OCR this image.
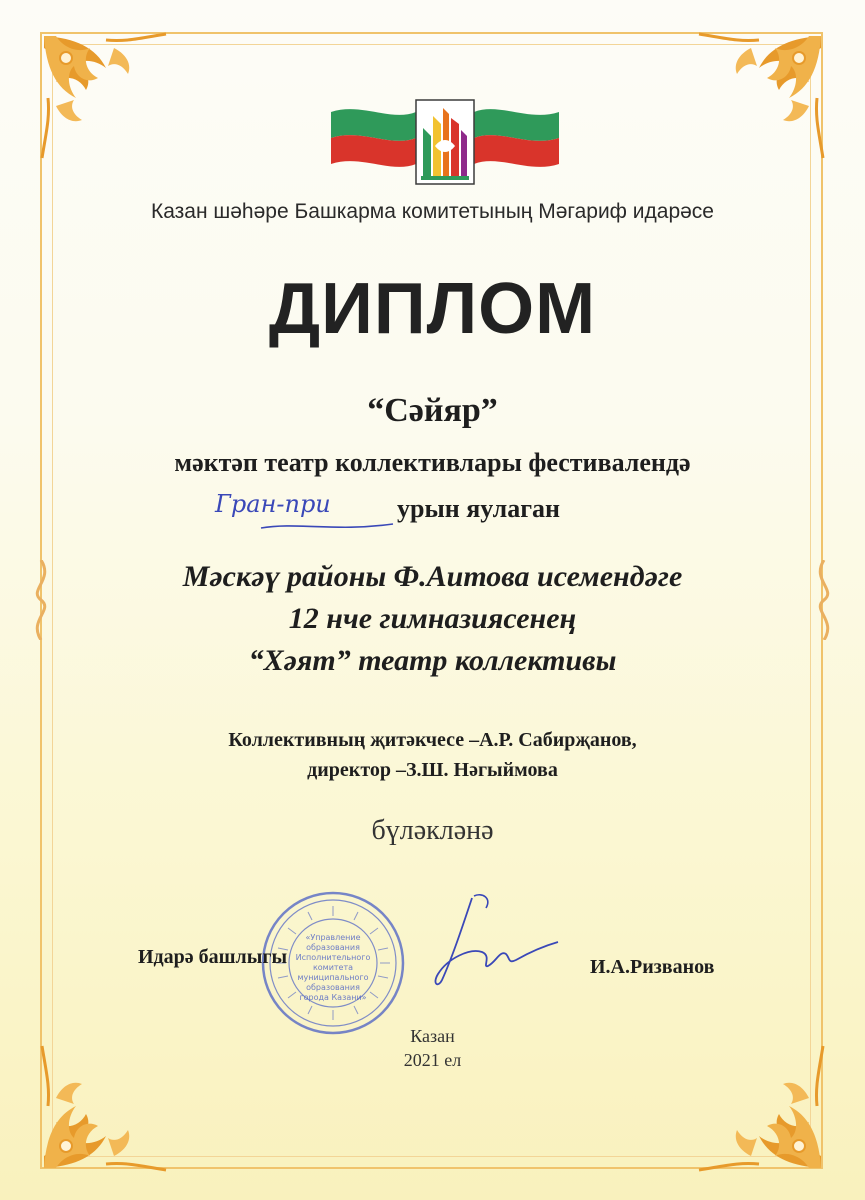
Казан шәһәре Башкарма комитетының Мәгариф идарәсе
ДИПЛОМ
“Сәйяр”
мәктәп театр коллективлары фестивалендә
Гран-при	урын яулаган
Мәскәү районы Ф.Аитова исемендәге
12 нче гимназиясенең
“Хәят” театр коллективы
Коллективның җитәкчесе –А.Р. Сабирҗанов,
директор –З.Ш. Нәгыймова
бүләкләнә
«Управление
образования
Исполнительного
комитета
муниципального
образования
города Казани»
Идарә башлыгы	И.А.Ризванов
Казан
2021 ел
